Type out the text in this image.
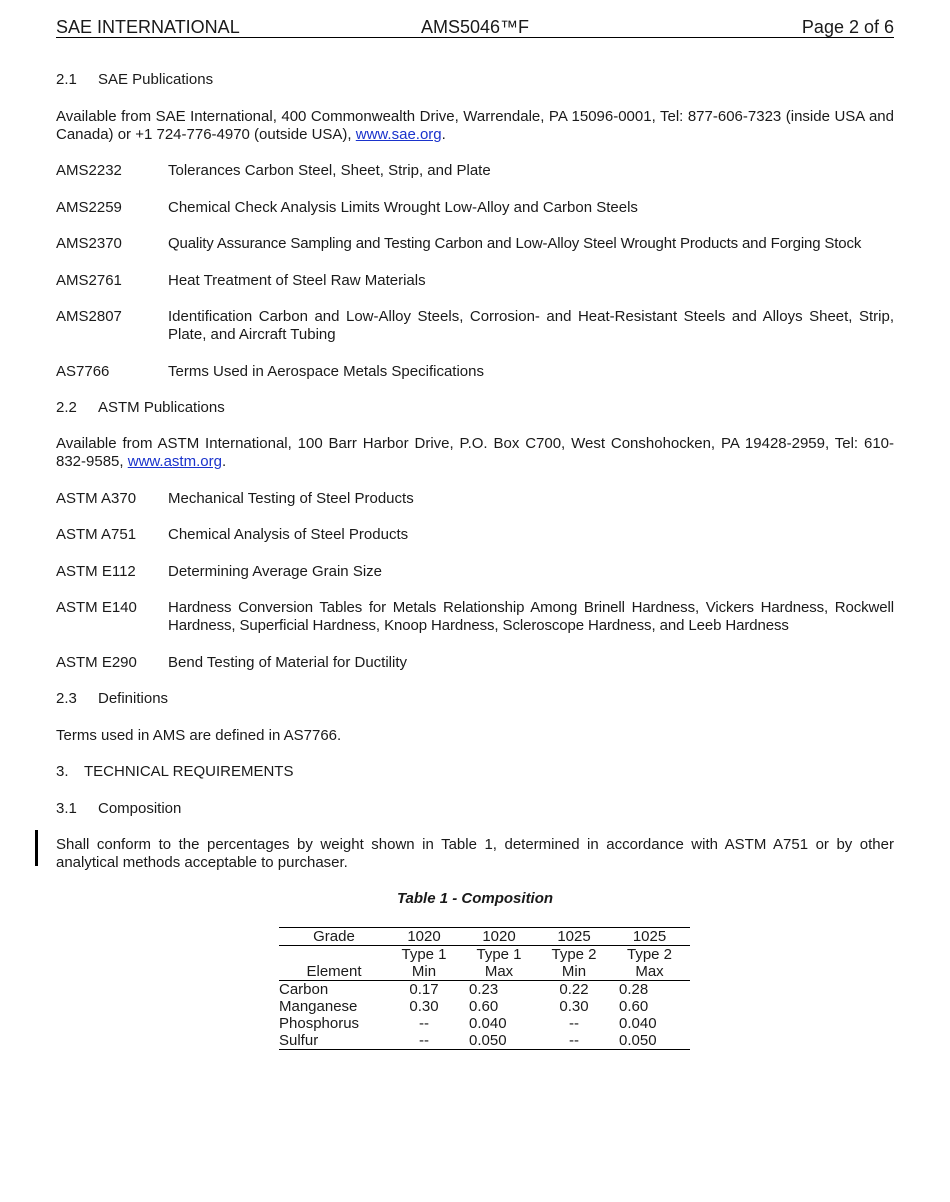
SAE INTERNATIONAL	AMS5046™F	Page 2 of 6
2.1 SAE Publications
Available from SAE International, 400 Commonwealth Drive, Warrendale, PA 15096-0001, Tel: 877-606-7323 (inside USA and Canada) or +1 724-776-4970 (outside USA), www.sae.org.
AMS2232	Tolerances Carbon Steel, Sheet, Strip, and Plate
AMS2259	Chemical Check Analysis Limits Wrought Low-Alloy and Carbon Steels
AMS2370	Quality Assurance Sampling and Testing Carbon and Low-Alloy Steel Wrought Products and Forging Stock
AMS2761	Heat Treatment of Steel Raw Materials
AMS2807	Identification Carbon and Low-Alloy Steels, Corrosion- and Heat-Resistant Steels and Alloys Sheet, Strip, Plate, and Aircraft Tubing
AS7766	Terms Used in Aerospace Metals Specifications
2.2 ASTM Publications
Available from ASTM International, 100 Barr Harbor Drive, P.O. Box C700, West Conshohocken, PA 19428-2959, Tel: 610-832-9585, www.astm.org.
ASTM A370 Mechanical Testing of Steel Products
ASTM A751 Chemical Analysis of Steel Products
ASTM E112 Determining Average Grain Size
ASTM E140 Hardness Conversion Tables for Metals Relationship Among Brinell Hardness, Vickers Hardness, Rockwell Hardness, Superficial Hardness, Knoop Hardness, Scleroscope Hardness, and Leeb Hardness
ASTM E290 Bend Testing of Material for Ductility
2.3 Definitions
Terms used in AMS are defined in AS7766.
3. TECHNICAL REQUIREMENTS
3.1 Composition
Shall conform to the percentages by weight shown in Table 1, determined in accordance with ASTM A751 or by other analytical methods acceptable to purchaser.
Table 1 - Composition
Grade	1020	1020	1025	1025
	Type 1	Type 1	Type 2	Type 2
Element	Min	Max	Min	Max
Carbon	0.17	0.23	0.22	0.28
Manganese	0.30	0.60	0.30	0.60
Phosphorus	--	0.040	--	0.040
Sulfur	--	0.050	--	0.050
